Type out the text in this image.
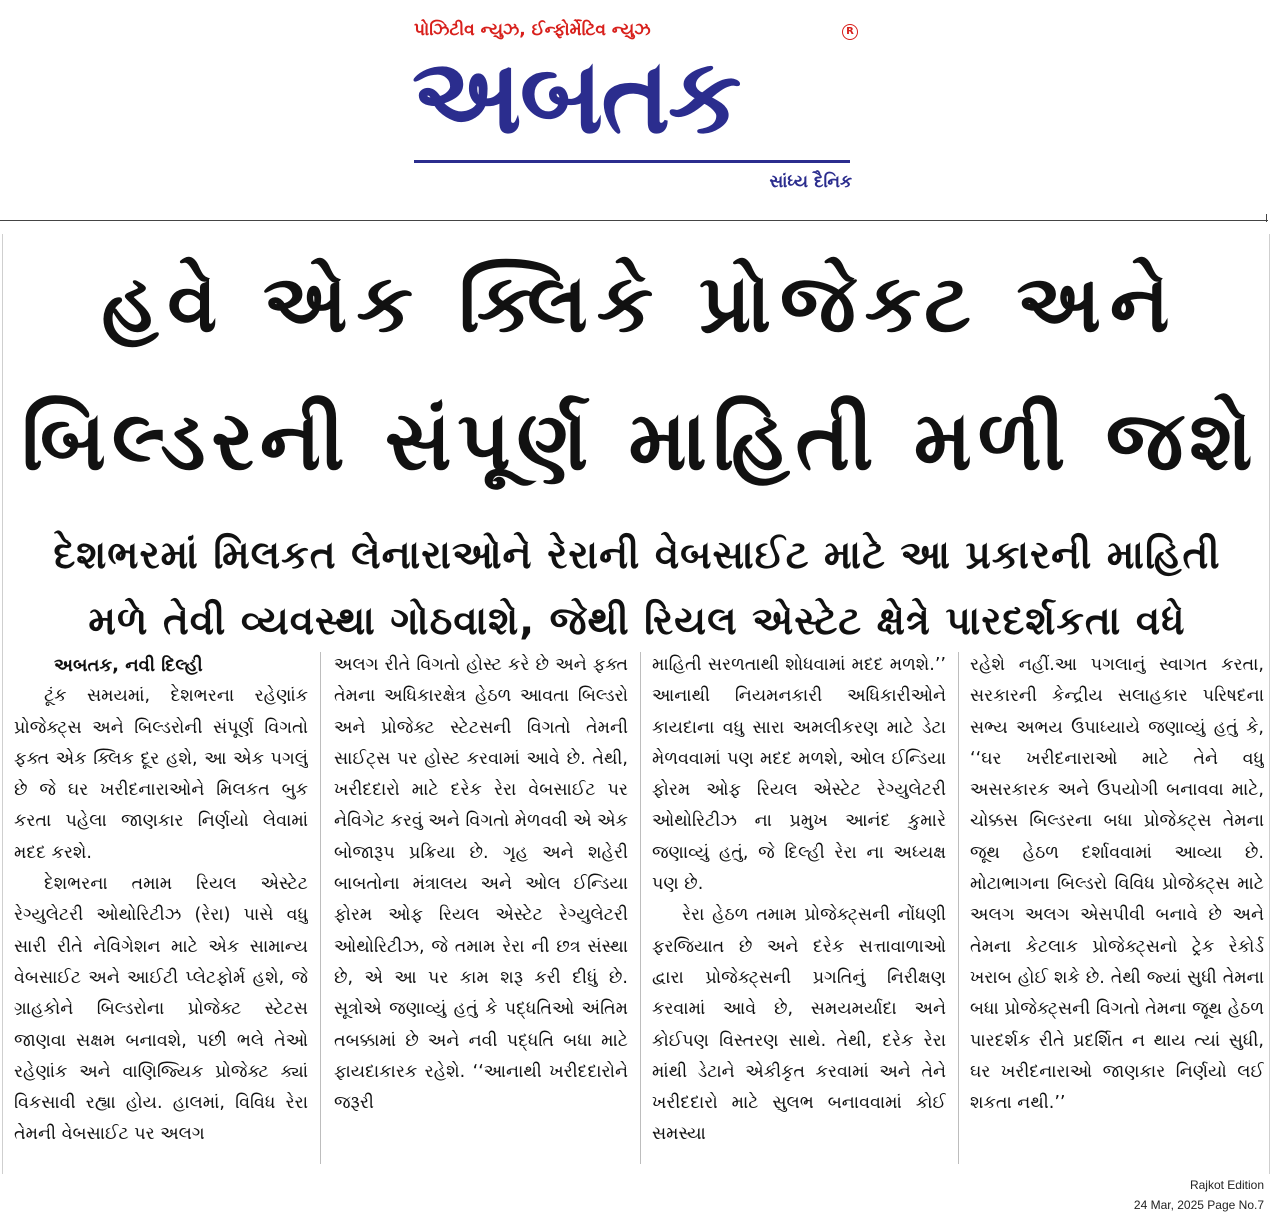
પોઝિટીવ ન્યુઝ, ઈન્ફોર્મેટિવ ન્યુઝ
અબતક
R
સાંધ્ય દૈનિક
હવે એક ક્લિકે પ્રોજેક્ટ અને
બિલ્ડરની સંપૂર્ણ માહિતી મળી જશે
દેશભરમાં મિલકત લેનારાઓને રેરાની વેબસાઈટ માટે આ પ્રકારની માહિતી
મળે તેવી વ્યવસ્થા ગોઠવાશે, જેથી રિયલ એસ્ટેટ ક્ષેત્રે પારદર્શકતા વધે

અબતક, નવી દિલ્હી

ટૂંક સમયમાં, દેશભરના રહેણાંક પ્રોજેક્ટ્સ અને બિલ્ડરોની સંપૂર્ણ વિગતો ફક્ત એક ક્લિક દૂર હશે, આ એક પગલું છે જે ઘર ખરીદનારાઓને મિલકત બુક કરતા પહેલા જાણકાર નિર્ણયો લેવામાં મદદ કરશે.

દેશભરના તમામ રિયલ એસ્ટેટ રેગ્યુલેટરી ઓથોરિટીઝ (રેરા) પાસે વધુ સારી રીતે નેવિગેશન માટે એક સામાન્ય વેબસાઈટ અને આઈટી પ્લેટફોર્મ હશે, જે ગ્રાહકોને બિલ્ડરોના પ્રોજેક્ટ સ્ટેટસ જાણવા સક્ષમ બનાવશે, પછી ભલે તેઓ રહેણાંક અને વાણિજ્યિક પ્રોજેક્ટ ક્યાં વિકસાવી રહ્યા હોય. હાલમાં, વિવિધ રેરા તેમની વેબસાઈટ પર અલગ

અલગ રીતે વિગતો હોસ્ટ કરે છે અને ફક્ત તેમના અધિકારક્ષેત્ર હેઠળ આવતા બિલ્ડરો અને પ્રોજેક્ટ સ્ટેટસની વિગતો તેમની સાઈટ્સ પર હોસ્ટ કરવામાં આવે છે. તેથી, ખરીદદારો માટે દરેક રેરા વેબસાઈટ પર નેવિગેટ કરવું અને વિગતો મેળવવી એ એક બોજારૂપ પ્રક્રિયા છે. ગૃહ અને શહેરી બાબતોના મંત્રાલય અને ઓલ ઈન્ડિયા ફોરમ ઓફ રિયલ એસ્ટેટ રેગ્યુલેટરી ઓથોરિટીઝ, જે તમામ રેરા ની છત્ર સંસ્થા છે, એ આ પર કામ શરૂ કરી દીધું છે. સૂત્રોએ જણાવ્યું હતું કે પદ્ધતિઓ અંતિમ તબક્કામાં છે અને નવી પદ્ધતિ બધા માટે ફાયદાકારક રહેશે. ‘‘આનાથી ખરીદદારોને જરૂરી

માહિતી સરળતાથી શોધવામાં મદદ મળશે.’’ આનાથી નિયમનકારી અધિકારીઓને કાયદાના વધુ સારા અમલીકરણ માટે ડેટા મેળવવામાં પણ મદદ મળશે, ઓલ ઈન્ડિયા ફોરમ ઓફ રિયલ એસ્ટેટ રેગ્યુલેટરી ઓથોરિટીઝ ના પ્રમુખ આનંદ કુમારે જણાવ્યું હતું, જે દિલ્હી રેરા ના અધ્યક્ષ પણ છે.

રેરા હેઠળ તમામ પ્રોજેક્ટ્સની નોંધણી ફરજિયાત છે અને દરેક સત્તાવાળાઓ દ્વારા પ્રોજેક્ટ્સની પ્રગતિનું નિરીક્ષણ કરવામાં આવે છે, સમયમર્યાદા અને કોઈપણ વિસ્તરણ સાથે. તેથી, દરેક રેરા માંથી ડેટાને એકીકૃત કરવામાં અને તેને ખરીદદારો માટે સુલભ બનાવવામાં કોઈ સમસ્યા

રહેશે નહીં.આ પગલાનું સ્વાગત કરતા, સરકારની કેન્દ્રીય સલાહકાર પરિષદના સભ્ય અભય ઉપાધ્યાયે જણાવ્યું હતું કે, ‘‘ઘર ખરીદનારાઓ માટે તેને વધુ અસરકારક અને ઉપયોગી બનાવવા માટે, ચોક્કસ બિલ્ડરના બધા પ્રોજેક્ટ્સ તેમના જૂથ હેઠળ દર્શાવવામાં આવ્યા છે. મોટાભાગના બિલ્ડરો વિવિધ પ્રોજેક્ટ્સ માટે અલગ અલગ એસપીવી બનાવે છે અને તેમના કેટલાક પ્રોજેક્ટ્સનો ટ્રેક રેકોર્ડ ખરાબ હોઈ શકે છે. તેથી જ્યાં સુધી તેમના બધા પ્રોજેક્ટ્સની વિગતો તેમના જૂથ હેઠળ પારદર્શક રીતે પ્રદર્શિત ન થાય ત્યાં સુધી, ઘર ખરીદનારાઓ જાણકાર નિર્ણયો લઈ શકતા નથી.’’

Rajkot Edition
24 Mar, 2025 Page No.7
